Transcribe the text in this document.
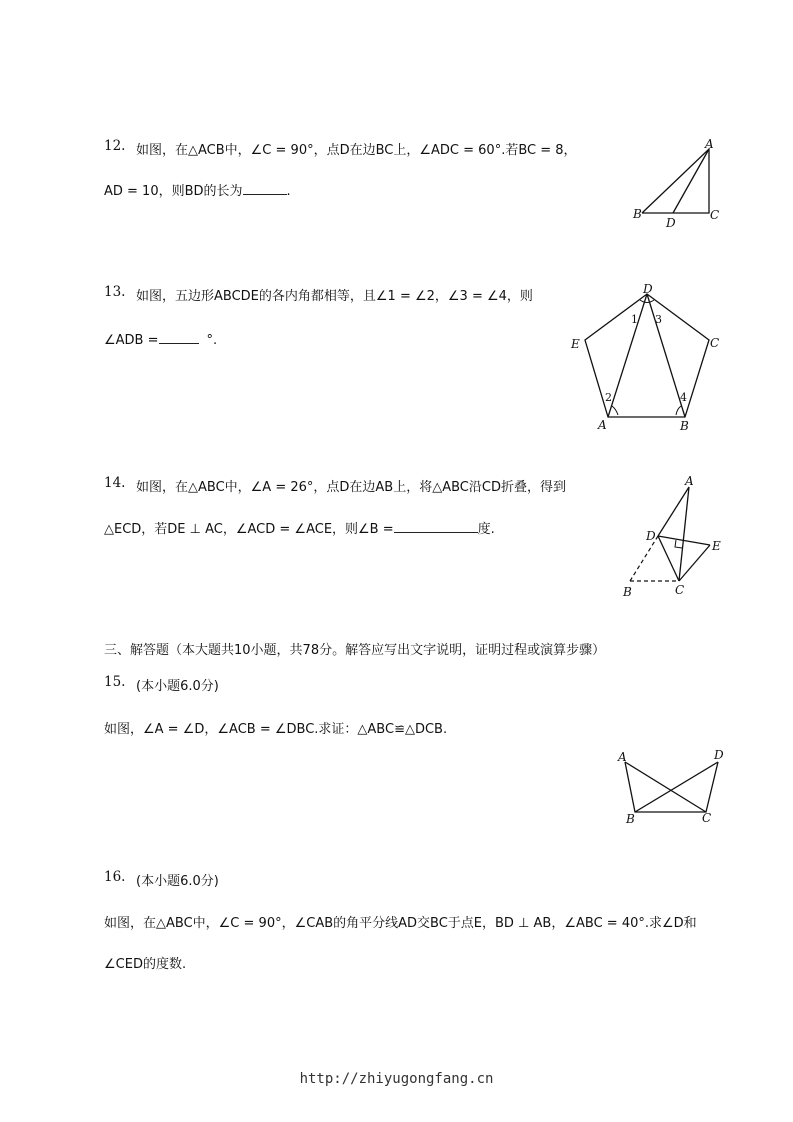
12. 如图，在△ACB中，∠C = 90°，点D在边BC上，∠ADC = 60°.若BC = 8，
AD = 10，则BD的长为	.
A
B	C
D
13. 如图，五边形ABCDE的各内角都相等，且∠1 = ∠2，∠3 = ∠4，则
∠ADB =	°.
D
E	C
A	B
1 3
2	4
14. 如图，在△ABC中，∠A = 26°，点D在边AB上，将△ABC沿CD折叠，得到
△ECD，若DE ⊥ AC，∠ACD = ∠ACE，则∠B =	度.
A
D
E
B	C
三、解答题（本大题共10小题，共78分。解答应写出文字说明，证明过程或演算步骤）
15. (本小题6.0分)
如图，∠A = ∠D，∠ACB = ∠DBC.求证：△ABC≌△DCB.
A	D
B	C
16. (本小题6.0分)
如图，在△ABC中，∠C = 90°，∠CAB的角平分线AD交BC于点E，BD ⊥ AB，∠ABC = 40°.求∠D和
∠CED的度数.
http://zhiyugongfang.cn
